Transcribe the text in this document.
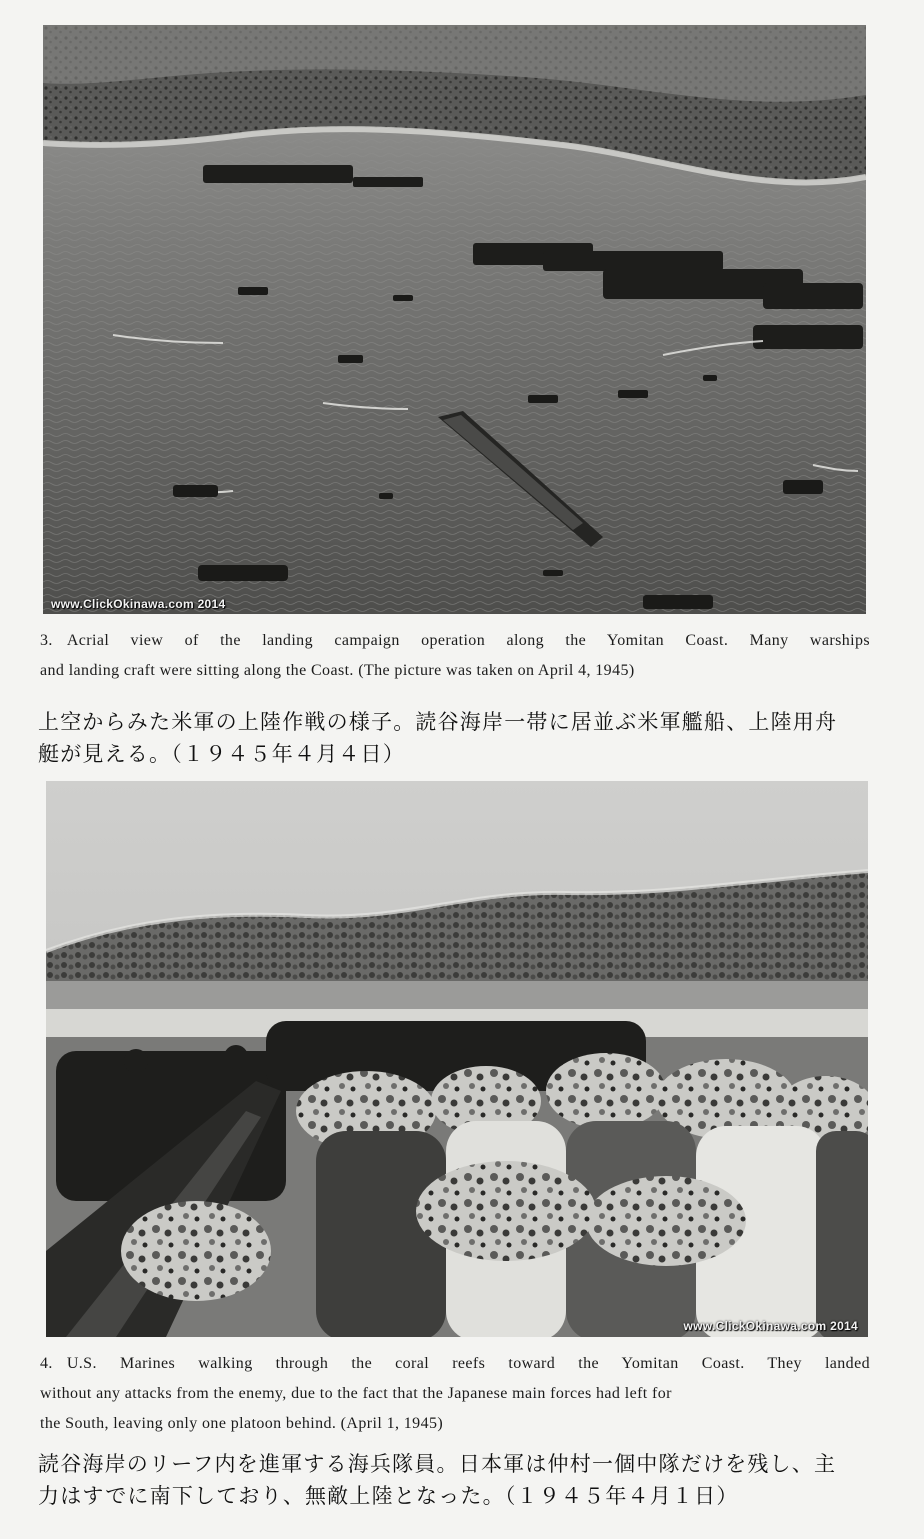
www.ClickOkinawa.com 2014
3. Acrial view of the landing campaign operation along the Yomitan Coast. Many warships
and landing craft were sitting along the Coast. (The picture was taken on April 4, 1945)
上空からみた米軍の上陸作戦の様子。読谷海岸一帯に居並ぶ米軍艦船、上陸用舟
艇が見える。（１９４５年４月４日）
www.ClickOkinawa.com 2014
4. U.S. Marines walking through the coral reefs toward the Yomitan Coast. They landed
without any attacks from the enemy, due to the fact that the Japanese main forces had left for
the South, leaving only one platoon behind. (April 1, 1945)
読谷海岸のリーフ内を進軍する海兵隊員。日本軍は仲村一個中隊だけを残し、主
力はすでに南下しており、無敵上陸となった。（１９４５年４月１日）
